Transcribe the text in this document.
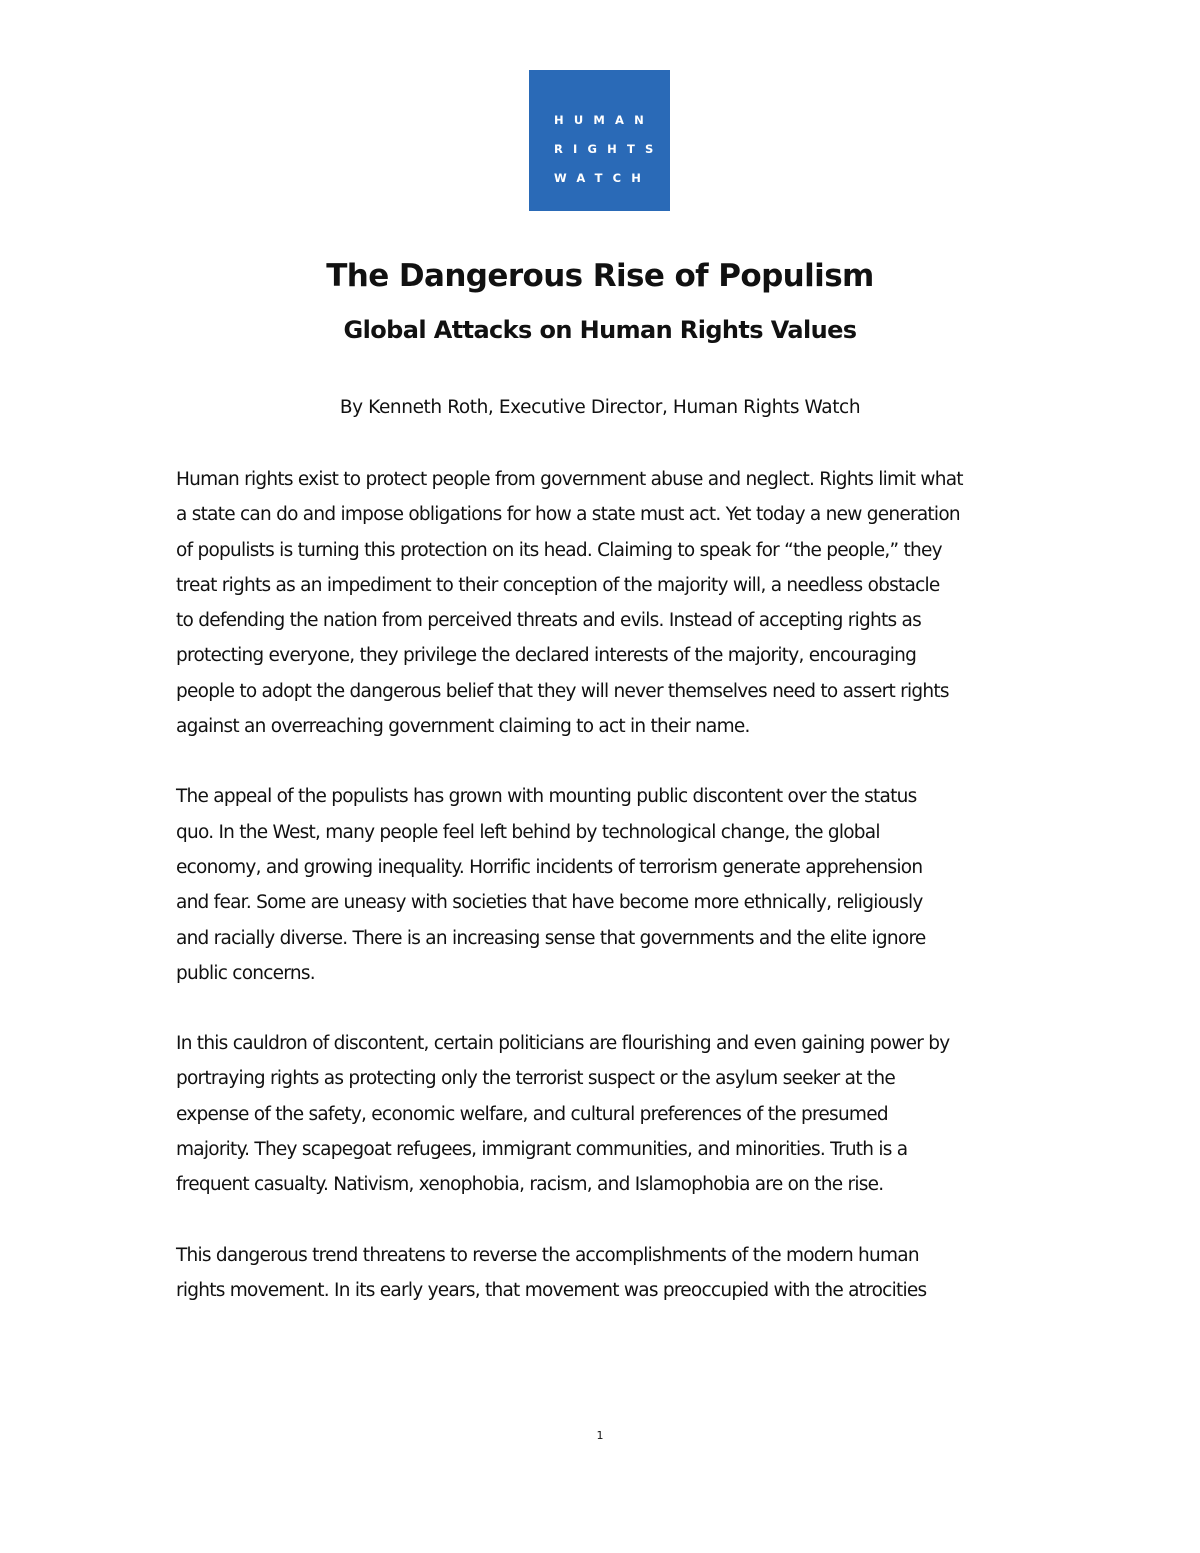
HUMAN
RIGHTS
WATCH
The Dangerous Rise of Populism
Global Attacks on Human Rights Values

By Kenneth Roth, Executive Director, Human Rights Watch

Human rights exist to protect people from government abuse and neglect. Rights limit what
a state can do and impose obligations for how a state must act. Yet today a new generation
of populists is turning this protection on its head. Claiming to speak for “the people,” they
treat rights as an impediment to their conception of the majority will, a needless obstacle
to defending the nation from perceived threats and evils. Instead of accepting rights as
protecting everyone, they privilege the declared interests of the majority, encouraging
people to adopt the dangerous belief that they will never themselves need to assert rights
against an overreaching government claiming to act in their name.
The appeal of the populists has grown with mounting public discontent over the status
quo. In the West, many people feel left behind by technological change, the global
economy, and growing inequality. Horrific incidents of terrorism generate apprehension
and fear. Some are uneasy with societies that have become more ethnically, religiously
and racially diverse. There is an increasing sense that governments and the elite ignore
public concerns.
In this cauldron of discontent, certain politicians are flourishing and even gaining power by
portraying rights as protecting only the terrorist suspect or the asylum seeker at the
expense of the safety, economic welfare, and cultural preferences of the presumed
majority. They scapegoat refugees, immigrant communities, and minorities. Truth is a
frequent casualty. Nativism, xenophobia, racism, and Islamophobia are on the rise.
This dangerous trend threatens to reverse the accomplishments of the modern human
rights movement. In its early years, that movement was preoccupied with the atrocities
1
